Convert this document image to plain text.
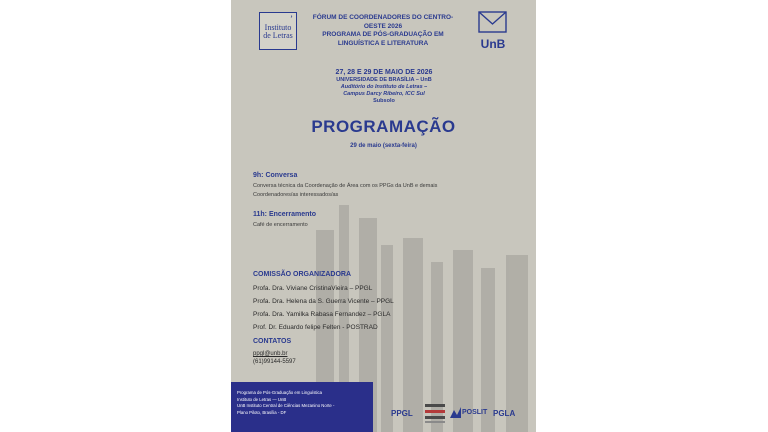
’
Instituto
de Letras
FÓRUM DE COORDENADORES DO CENTRO-OESTE 2026
PROGRAMA DE PÓS-GRADUAÇÃO EM LINGUÍSTICA E LITERATURA	UnB
27, 28 E 29 DE MAIO DE 2026
UNIVERSIDADE DE BRASÍLIA – UnB
Auditório do Instituto de Letras –
Campus Darcy Ribeiro, ICC Sul
Subsolo
PROGRAMAÇÃO
29 de maio (sexta-feira)
9h: Conversa
Conversa técnica da Coordenação de Área com os PPGs da UnB e demais
Coordenadores/as interessados/as
11h: Encerramento
Café de encerramento
COMISSÃO ORGANIZADORA
Profa. Dra. Viviane CristinaVieira – PPGL
Profa. Dra. Helena da S. Guerra Vicente – PPGL
Profa. Dra. Yamilka Rabasa Fernandez – PGLA
Prof. Dr. Eduardo felipe Felten - POSTRAD
CONTATOS
ppgl@unb.br
(61)99144-5597
Programa de Pós-Graduação em Linguística
Instituto de Letras — UnB
UnB Instituto Central de Ciências Mezanino Norte -
Plano Piloto, Brasília - DF	PPGL	POSLIT PGLA
